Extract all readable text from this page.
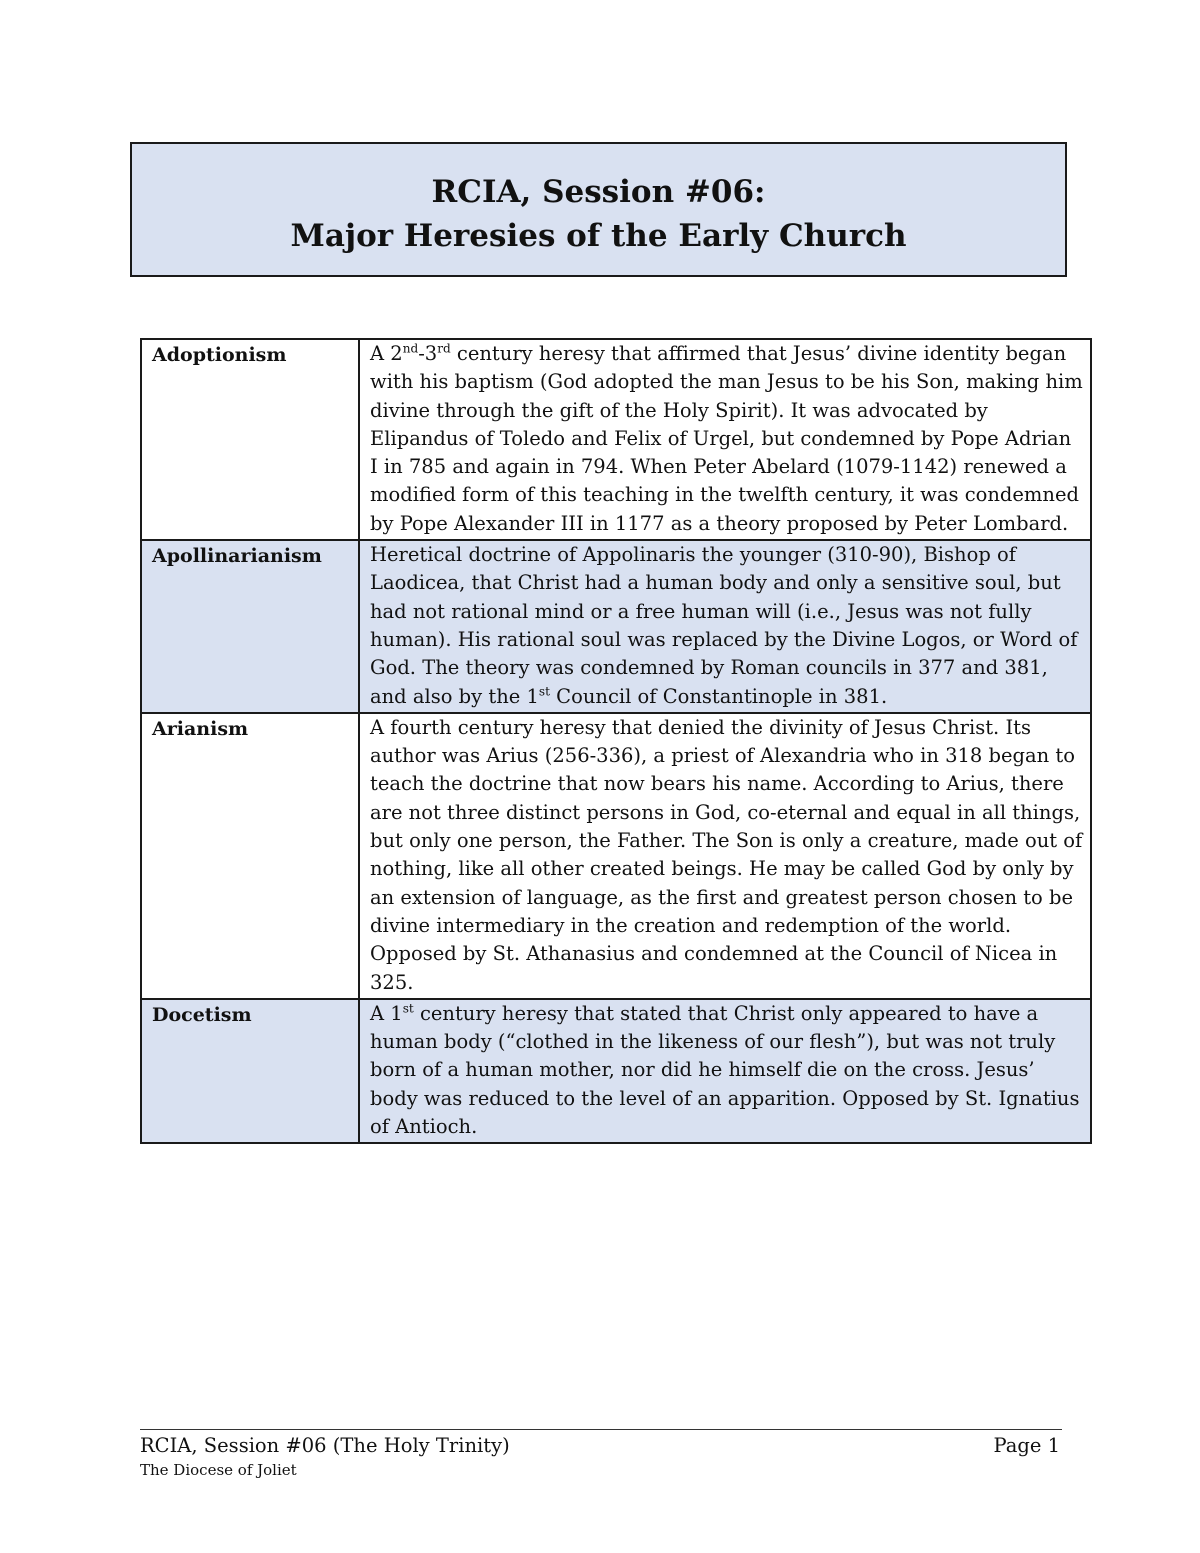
RCIA, Session #06:

Major Heresies of the Early Church

Adoptionism	A 2nd-3rd century heresy that affirmed that Jesus’ divine identity began with his baptism (God adopted the man Jesus to be his Son, making him divine through the gift of the Holy Spirit). It was advocated by Elipandus of Toledo and Felix of Urgel, but condemned by Pope Adrian I in 785 and again in 794. When Peter Abelard (1079-1142) renewed a modified form of this teaching in the twelfth century, it was condemned by Pope Alexander III in 1177 as a theory proposed by Peter Lombard.
Apollinarianism	Heretical doctrine of Appolinaris the younger (310-90), Bishop of Laodicea, that Christ had a human body and only a sensitive soul, but had not rational mind or a free human will (i.e., Jesus was not fully human). His rational soul was replaced by the Divine Logos, or Word of God. The theory was condemned by Roman councils in 377 and 381, and also by the 1st Council of Constantinople in 381.
Arianism	A fourth century heresy that denied the divinity of Jesus Christ. Its author was Arius (256-336), a priest of Alexandria who in 318 began to teach the doctrine that now bears his name. According to Arius, there are not three distinct persons in God, co-eternal and equal in all things, but only one person, the Father. The Son is only a creature, made out of nothing, like all other created beings. He may be called God by only by an extension of language, as the first and greatest person chosen to be divine intermediary in the creation and redemption of the world. Opposed by St. Athanasius and condemned at the Council of Nicea in 325.
Docetism	A 1st century heresy that stated that Christ only appeared to have a human body (“clothed in the likeness of our flesh”), but was not truly born of a human mother, nor did he himself die on the cross. Jesus’ body was reduced to the level of an apparition. Opposed by St. Ignatius of Antioch.
RCIA, Session #06 (The Holy Trinity)
The Diocese of Joliet
Page 1
